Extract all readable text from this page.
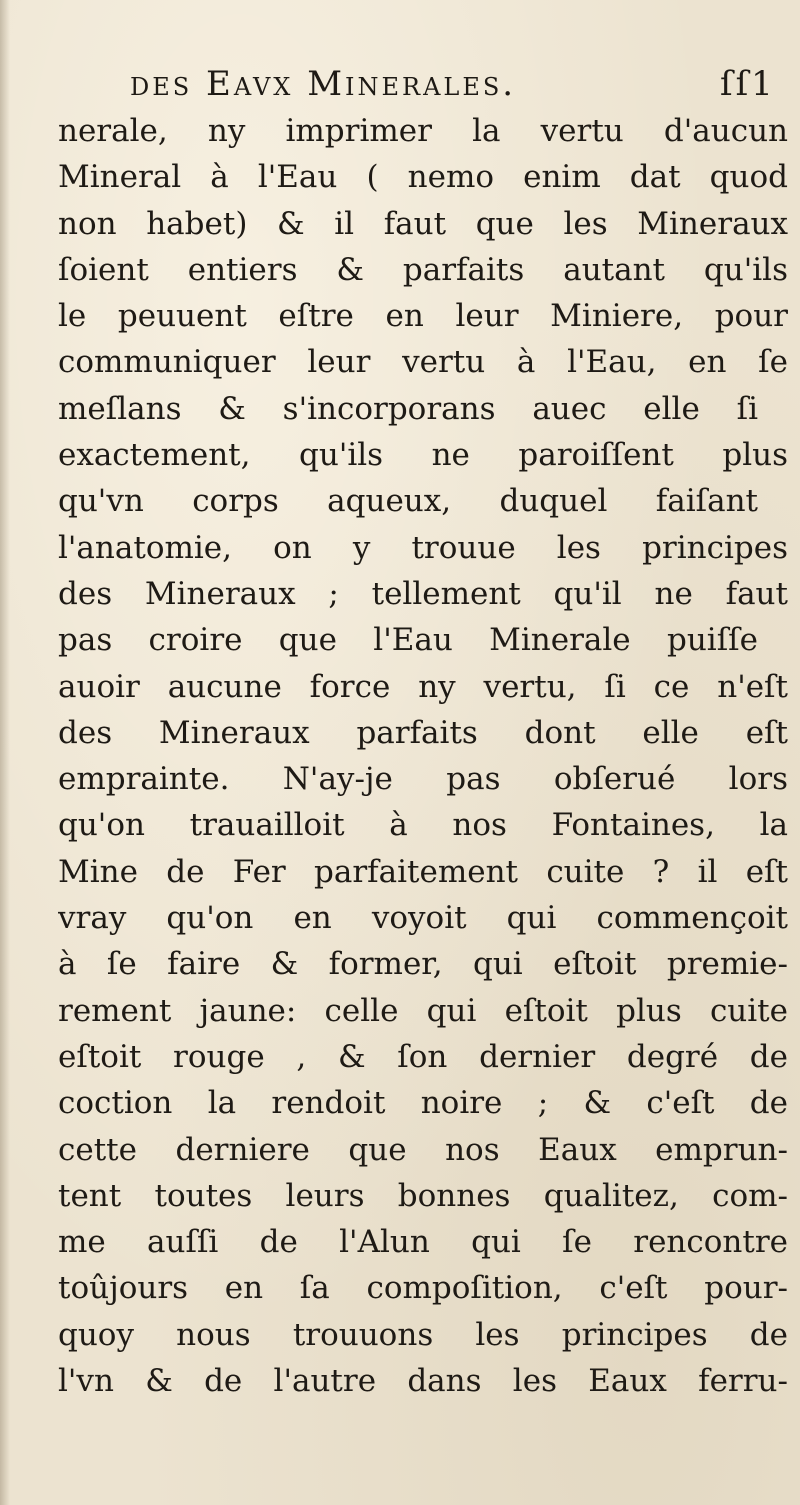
des Eavx Minerales.	ſſ1
nerale, ny imprimer la vertu d'aucun
Mineral à l'Eau ( nemo enim dat quod
non habet) & il faut que les Mineraux
ſoient entiers & parfaits autant qu'ils
le peuuent eſtre en leur Miniere, pour
communiquer leur vertu à l'Eau, en ſe
meſlans & s'incorporans auec elle ſi
exactement, qu'ils ne paroiſſent plus
qu'vn corps aqueux, duquel faiſant
l'anatomie, on y trouue les principes
des Mineraux ; tellement qu'il ne faut
pas croire que l'Eau Minerale puiſſe
auoir aucune force ny vertu, ſi ce n'eſt
des Mineraux parfaits dont elle eſt
emprainte. N'ay-je pas obſerué lors
qu'on trauailloit à nos Fontaines, la
Mine de Fer parfaitement cuite ? il eſt
vray qu'on en voyoit qui commençoit
à ſe faire & former, qui eſtoit premie-
rement jaune: celle qui eſtoit plus cuite
eſtoit rouge , & ſon dernier degré de
coction la rendoit noire ; & c'eſt de
cette derniere que nos Eaux emprun-
tent toutes leurs bonnes qualitez, com-
me auſſi de l'Alun qui ſe rencontre
toûjours en ſa compoſition, c'eſt pour-
quoy nous trouuons les principes de
l'vn & de l'autre dans les Eaux ferru-
